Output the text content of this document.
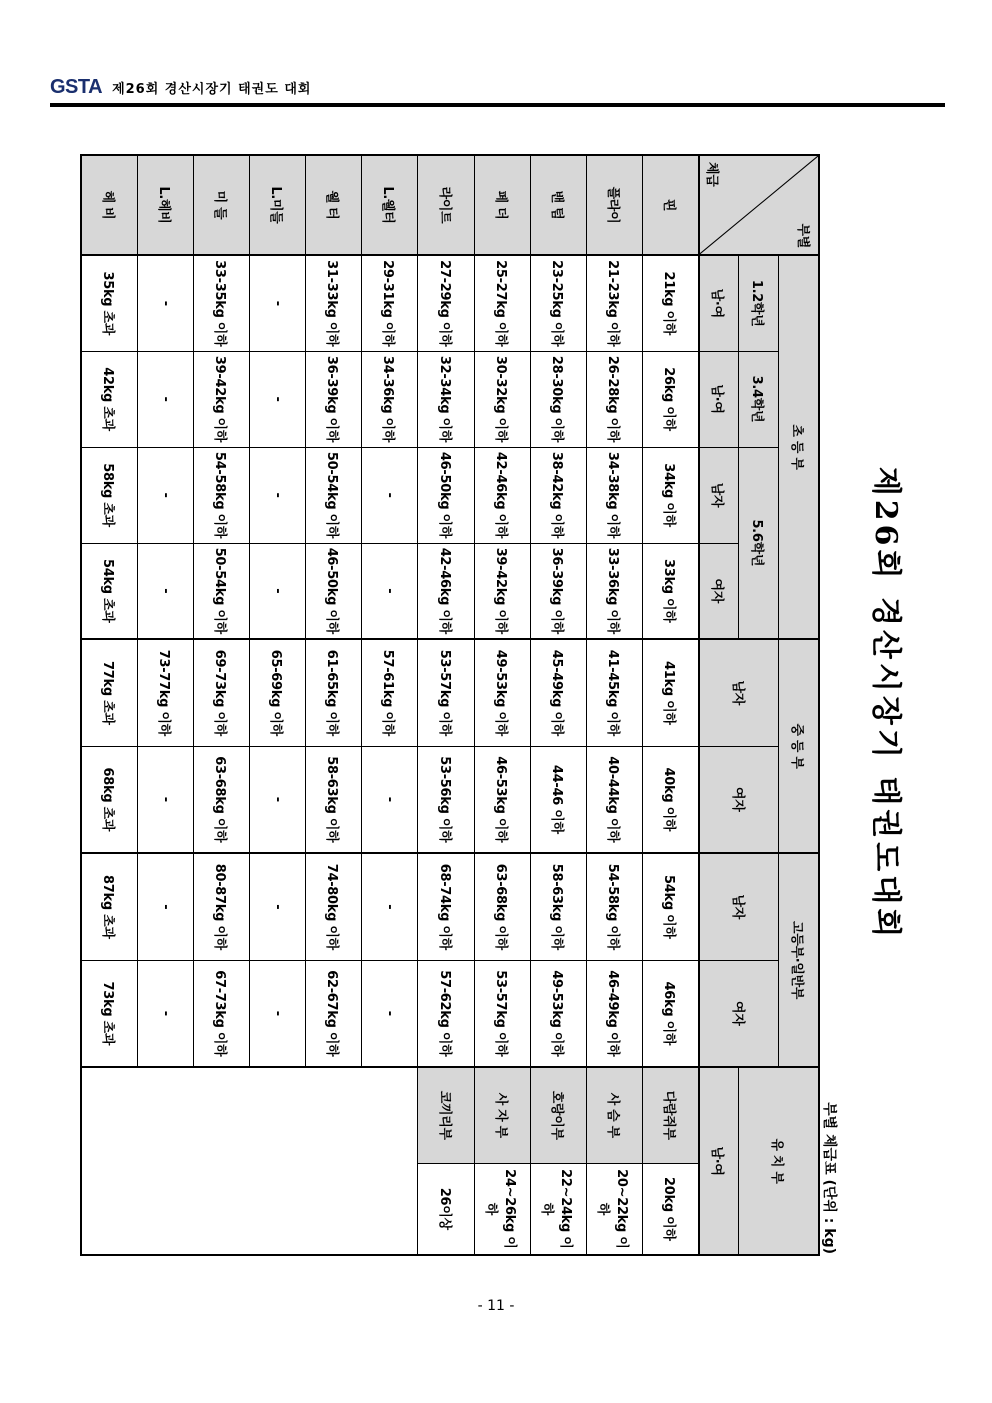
GSTA 제26회 경산시장기 태권도 대회
제26회 경산시장기 태권도대회
부별 체급표 (단위 : kg)
부별
체급	초 등 부				중 등 부		고등부·일반부		유 치 부	
	1.2학년	3.4학년	5.6학년		남자	여자	남자	여자		
	남·여	남·여	남자	여자					남·여	
핀	21kg 이하	26kg 이하	34kg 이하	33kg 이하	41kg 이하	40kg 이하	54kg 이하	46kg 이하	다람쥐부	20kg 이하
플라이	21-23kg 이하	26-28kg 이하	34-38kg 이하	33-36kg 이하	41-45kg 이하	40-44kg 이하	54-58kg 이하	46-49kg 이하	사 슴 부	20~22kg 이하
밴 텀	23-25kg 이하	28-30kg 이하	38-42kg 이하	36-39kg 이하	45-49kg 이하	44-46 이하	58-63kg 이하	49-53kg 이하	호랑이부	22~24kg 이하
페 더	25-27kg 이하	30-32kg 이하	42-46kg 이하	39-42kg 이하	49-53kg 이하	46-53kg 이하	63-68kg 이하	53-57kg 이하	사 자 부	24~26kg 이하
라이트	27-29kg 이하	32-34kg 이하	46-50kg 이하	42-46kg 이하	53-57kg 이하	53-56kg 이하	68-74kg 이하	57-62kg 이하	코끼리부	26이상
L.웰터	29-31kg 이하	34-36kg 이하	-	-	57-61kg 이하	-	-	-		
웰 터	31-33kg 이하	36-39kg 이하	50-54kg 이하	46-50kg 이하	61-65kg 이하	58-63kg 이하	74-80kg 이하	62-67kg 이하		
L.미들	-	-	-	-	65-69kg 이하	-	-	-		
미 들	33-35kg 이하	39-42kg 이하	54-58kg 이하	50-54kg 이하	69-73kg 이하	63-68kg 이하	80-87kg 이하	67-73kg 이하		
L.헤비	-	-	-	-	73-77kg 이하	-	-	-		
헤 비	35kg 초과	42kg 초과	58kg 초과	54kg 초과	77kg 초과	68kg 초과	87kg 초과	73kg 초과		
- 11 -
